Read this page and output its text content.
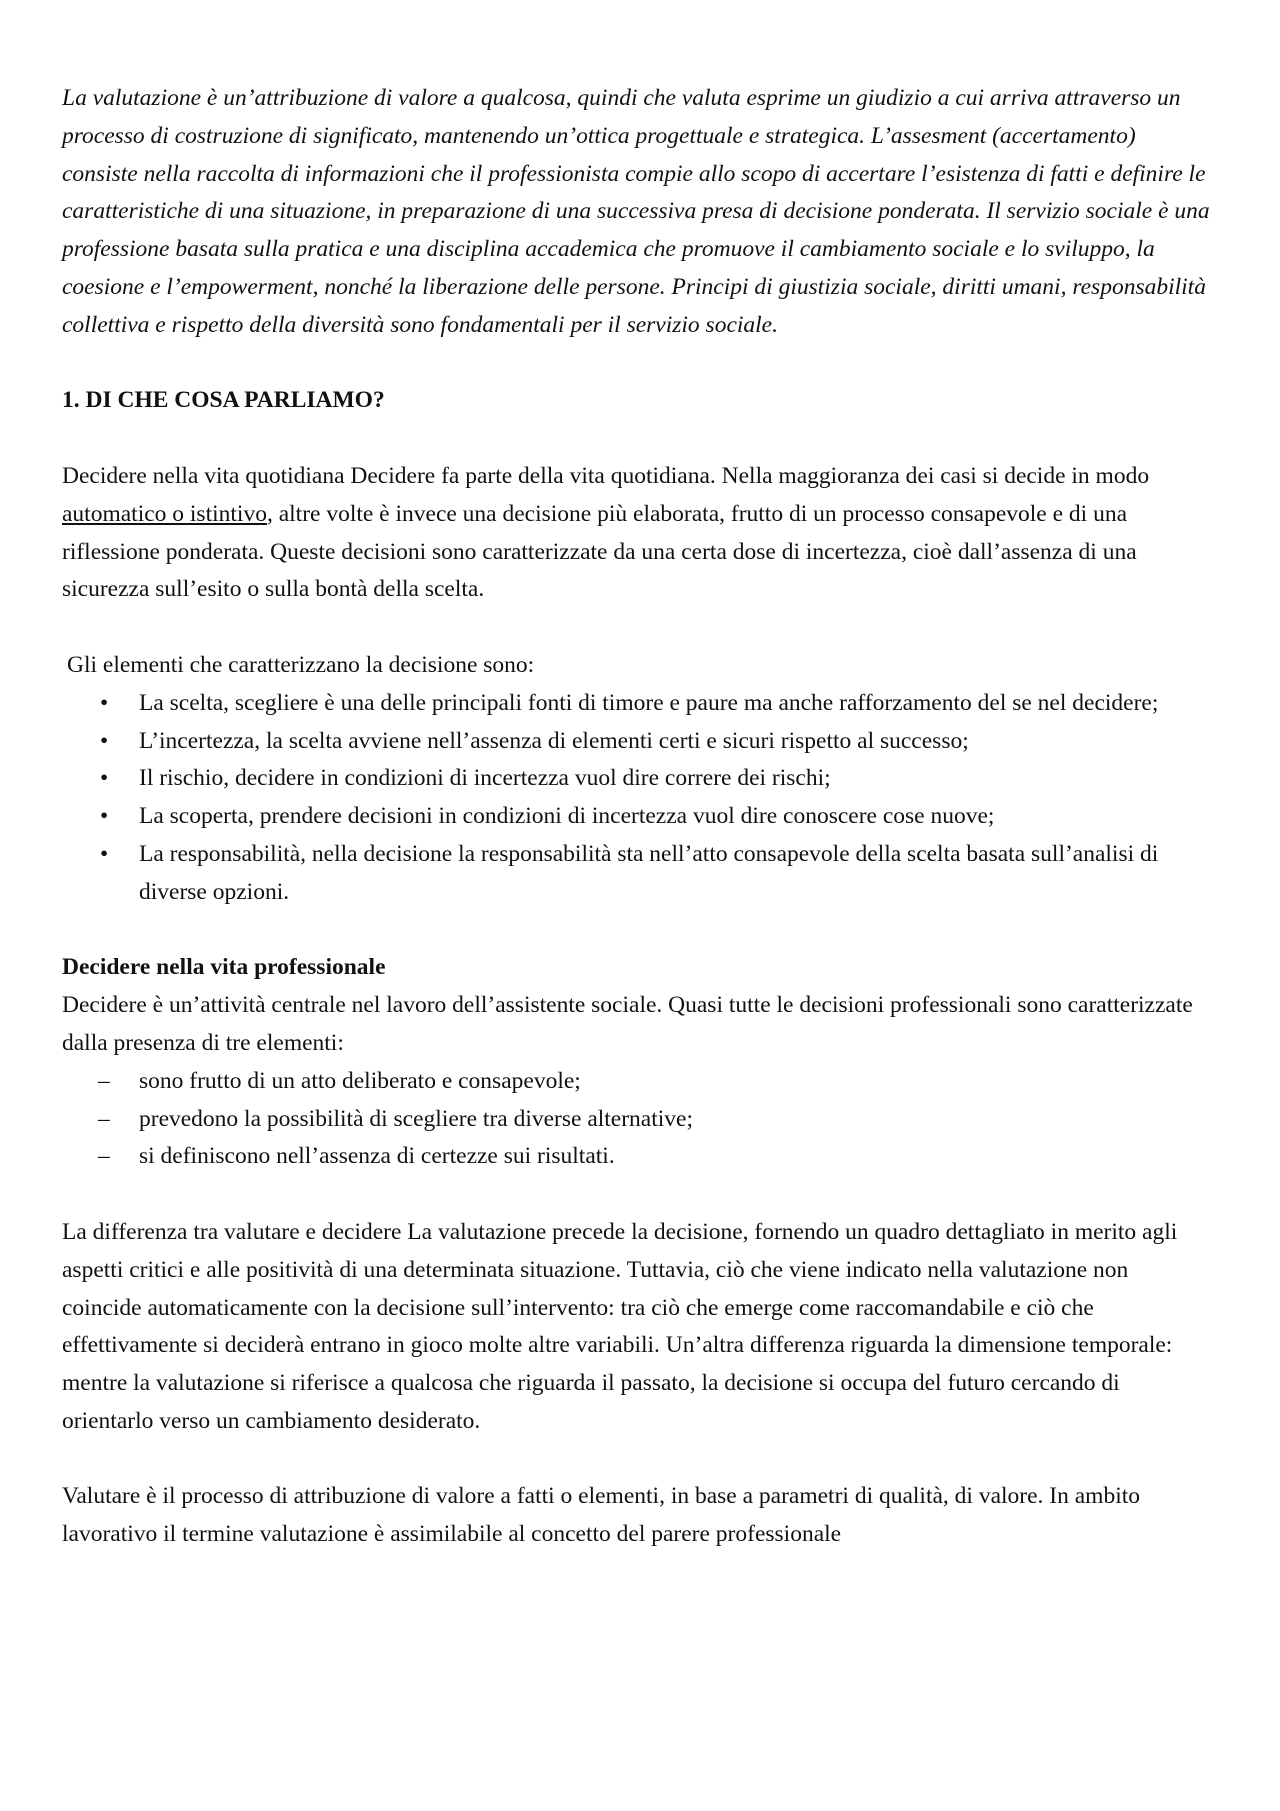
La valutazione è un’attribuzione di valore a qualcosa, quindi che valuta esprime un giudizio a cui arriva attraverso un processo di costruzione di significato, mantenendo un’ottica progettuale e strategica. L’assesment (accertamento) consiste nella raccolta di informazioni che il professionista compie allo scopo di accertare l’esistenza di fatti e definire le caratteristiche di una situazione, in preparazione di una successiva presa di decisione ponderata. Il servizio sociale è una professione basata sulla pratica e una disciplina accademica che promuove il cambiamento sociale e lo sviluppo, la coesione e l’empowerment, nonché la liberazione delle persone. Principi di giustizia sociale, diritti umani, responsabilità collettiva e rispetto della diversità sono fondamentali per il servizio sociale.

1. DI CHE COSA PARLIAMO?

Decidere nella vita quotidiana Decidere fa parte della vita quotidiana. Nella maggioranza dei casi si decide in modo automatico o istintivo, altre volte è invece una decisione più elaborata, frutto di un processo consapevole e di una riflessione ponderata. Queste decisioni sono caratterizzate da una certa dose di incertezza, cioè dall’assenza di una sicurezza sull’esito o sulla bontà della scelta.

Gli elementi che caratterizzano la decisione sono:

• La scelta, scegliere è una delle principali fonti di timore e paure ma anche rafforzamento del se nel decidere;
• L’incertezza, la scelta avviene nell’assenza di elementi certi e sicuri rispetto al successo;
• Il rischio, decidere in condizioni di incertezza vuol dire correre dei rischi;
• La scoperta, prendere decisioni in condizioni di incertezza vuol dire conoscere cose nuove;
• La responsabilità, nella decisione la responsabilità sta nell’atto consapevole della scelta basata sull’analisi di diverse opzioni.

Decidere nella vita professionale

Decidere è un’attività centrale nel lavoro dell’assistente sociale. Quasi tutte le decisioni professionali sono caratterizzate dalla presenza di tre elementi:

– sono frutto di un atto deliberato e consapevole;
– prevedono la possibilità di scegliere tra diverse alternative;
– si definiscono nell’assenza di certezze sui risultati.

La differenza tra valutare e decidere La valutazione precede la decisione, fornendo un quadro dettagliato in merito agli aspetti critici e alle positività di una determinata situazione. Tuttavia, ciò che viene indicato nella valutazione non coincide automaticamente con la decisione sull’intervento: tra ciò che emerge come raccomandabile e ciò che effettivamente si deciderà entrano in gioco molte altre variabili. Un’altra differenza riguarda la dimensione temporale: mentre la valutazione si riferisce a qualcosa che riguarda il passato, la decisione si occupa del futuro cercando di orientarlo verso un cambiamento desiderato.

Valutare è il processo di attribuzione di valore a fatti o elementi, in base a parametri di qualità, di valore. In ambito lavorativo il termine valutazione è assimilabile al concetto del parere professionale
